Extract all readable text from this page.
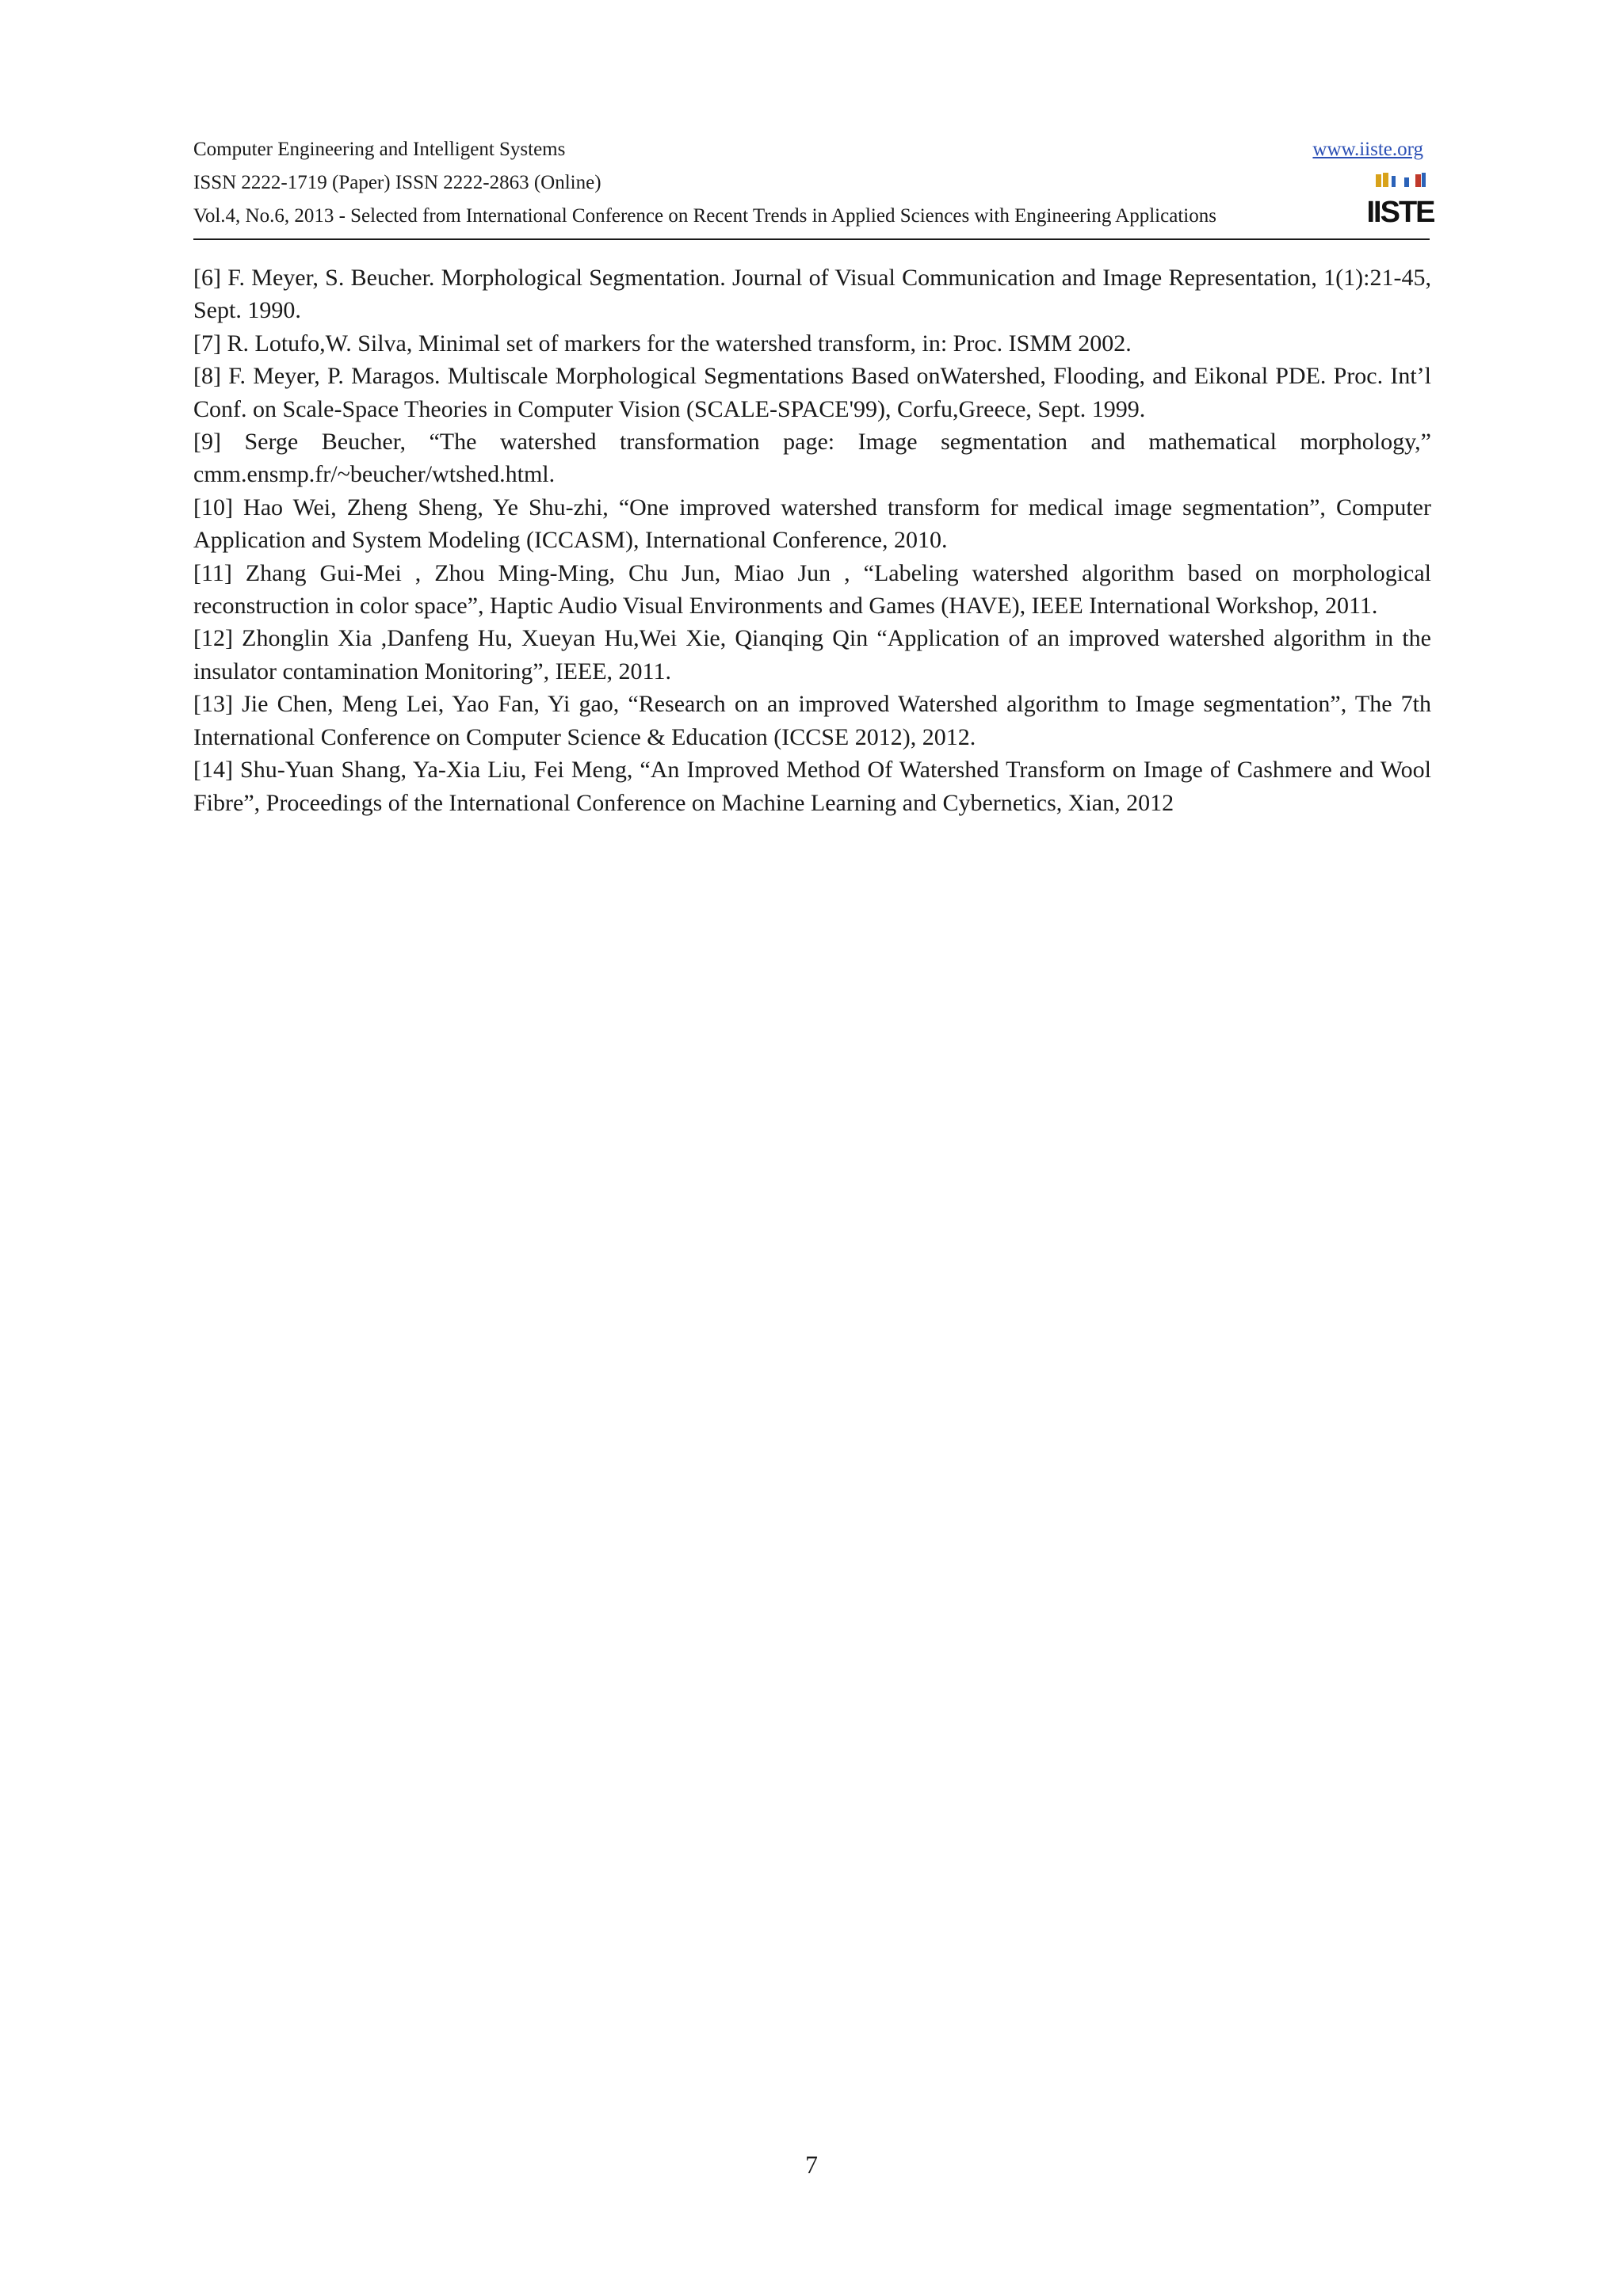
Computer Engineering and Intelligent Systems	www.iiste.org
ISSN 2222-1719 (Paper) ISSN 2222-2863 (Online)
Vol.4, No.6, 2013 - Selected from International Conference on Recent Trends in Applied Sciences with Engineering Applications	IISTE

[6] F. Meyer, S. Beucher. Morphological Segmentation. Journal of Visual Communication and Image Representation, 1(1):21-45, Sept. 1990.

[7] R. Lotufo,W. Silva, Minimal set of markers for the watershed transform, in: Proc. ISMM 2002.

[8] F. Meyer, P. Maragos. Multiscale Morphological Segmentations Based onWatershed, Flooding, and Eikonal PDE. Proc. Int’l Conf. on Scale-Space Theories in Computer Vision (SCALE-SPACE'99), Corfu,Greece, Sept. 1999.

[9] Serge Beucher, “The watershed transformation page: Image segmentation and mathematical morphology,” cmm.ensmp.fr/~beucher/wtshed.html.

[10] Hao Wei, Zheng Sheng, Ye Shu-zhi, “One improved watershed transform for medical image segmentation”, Computer Application and System Modeling (ICCASM), International Conference, 2010.

[11] Zhang Gui-Mei , Zhou Ming-Ming, Chu Jun, Miao Jun , “Labeling watershed algorithm based on morphological reconstruction in color space”, Haptic Audio Visual Environments and Games (HAVE), IEEE International Workshop, 2011.

[12] Zhonglin Xia ,Danfeng Hu, Xueyan Hu,Wei Xie, Qianqing Qin “Application of an improved watershed algorithm in the insulator contamination Monitoring”, IEEE, 2011.

[13] Jie Chen, Meng Lei, Yao Fan, Yi gao, “Research on an improved Watershed algorithm to Image segmentation”, The 7th International Conference on Computer Science & Education (ICCSE 2012), 2012.

[14] Shu-Yuan Shang, Ya-Xia Liu, Fei Meng, “An Improved Method Of Watershed Transform on Image of Cashmere and Wool Fibre”, Proceedings of the International Conference on Machine Learning and Cybernetics, Xian, 2012

7
